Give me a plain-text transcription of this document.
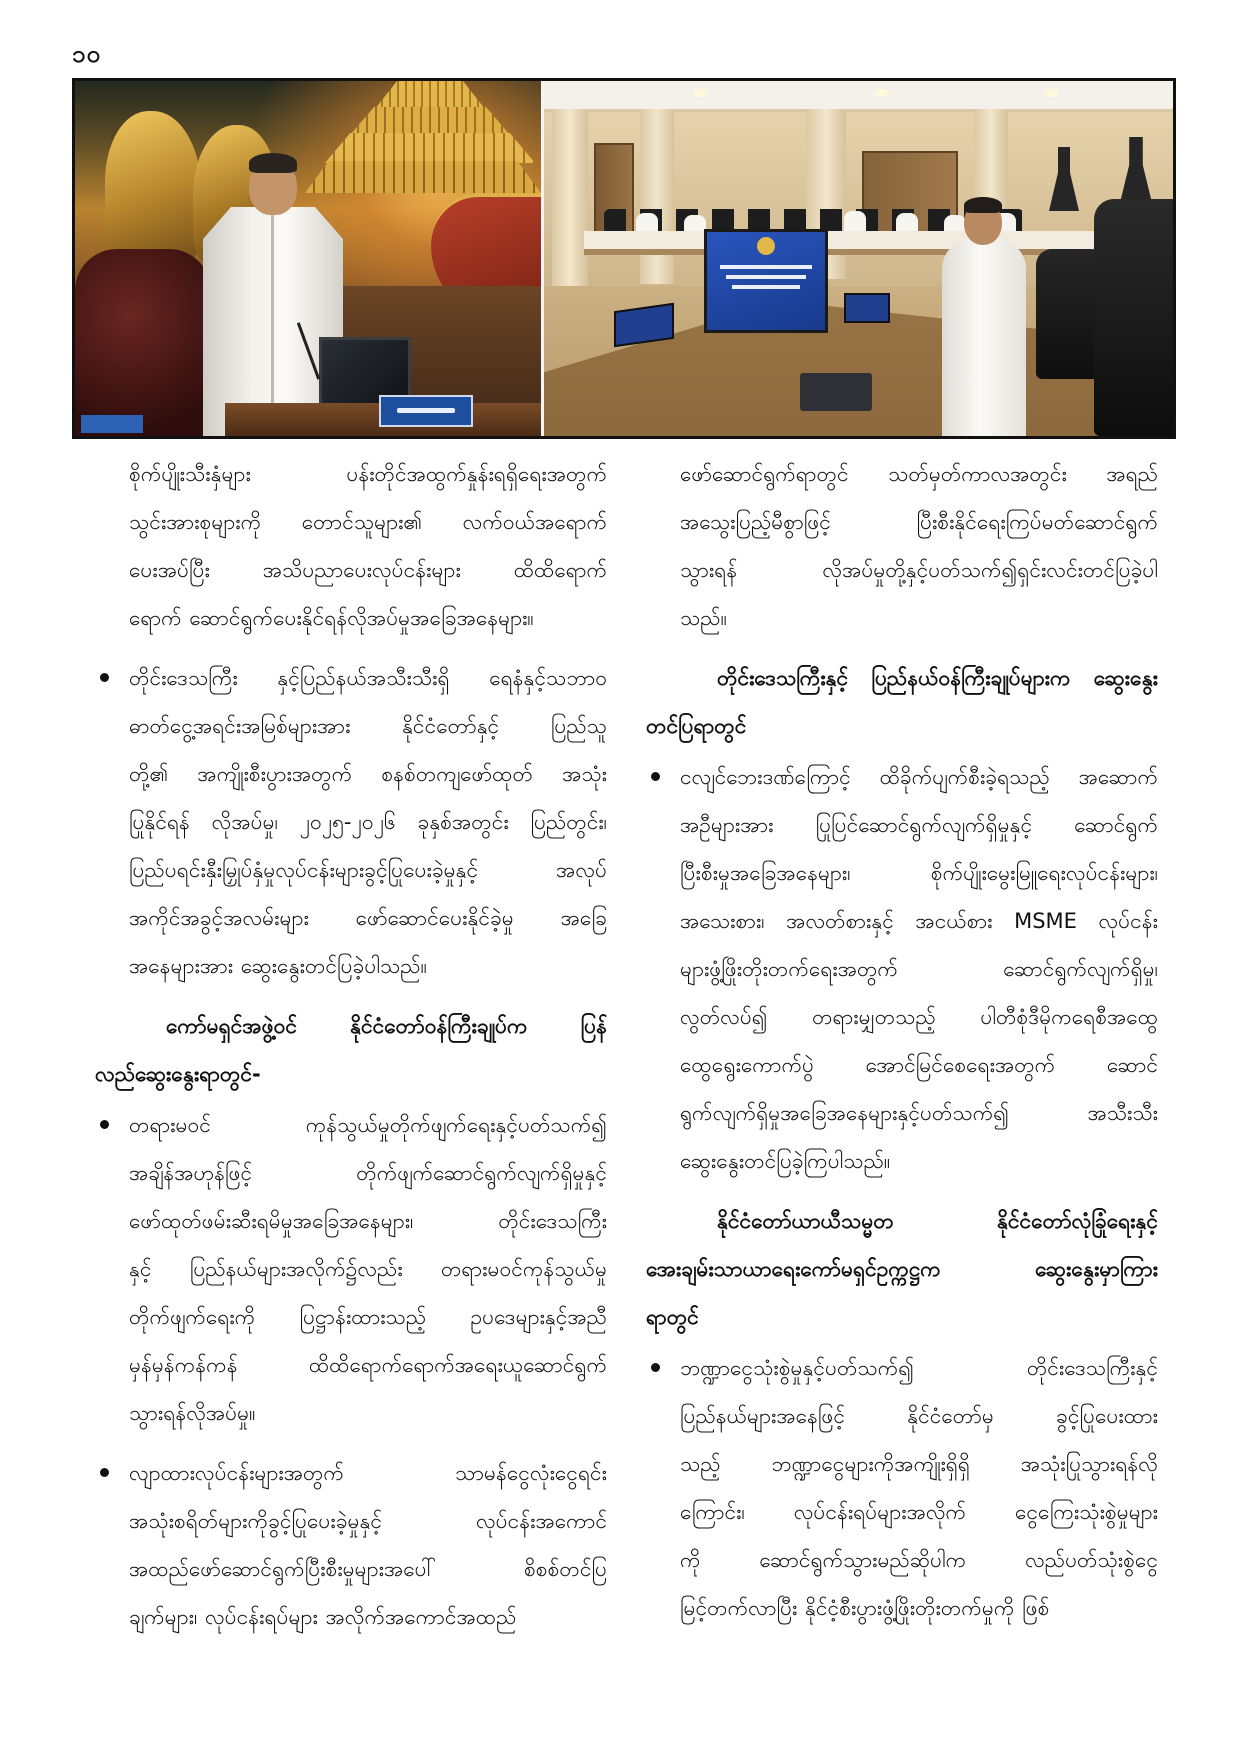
၁၀
စိုက်ပျိုးသီးနှံများ ပန်းတိုင်အထွက်နှုန်းရရှိရေးအတွက်
သွင်းအားစုများကို တောင်သူများ၏ လက်ဝယ်အရောက်
ပေးအပ်ပြီး အသိပညာပေးလုပ်ငန်းများ ထိထိရောက်
ရောက် ဆောင်ရွက်ပေးနိုင်ရန်လိုအပ်မှုအခြေအနေများ။
တိုင်းဒေသကြီး နှင့်ပြည်နယ်အသီးသီးရှိ ရေနံနှင့်သဘာဝ
ဓာတ်ငွေ့အရင်းအမြစ်များအား နိုင်ငံတော်နှင့် ပြည်သူ
တို့၏ အကျိုးစီးပွားအတွက် စနစ်တကျဖော်ထုတ် အသုံး
ပြုနိုင်ရန် လိုအပ်မှု၊ ၂၀၂၅-၂၀၂၆ ခုနှစ်အတွင်း ပြည်တွင်း၊
ပြည်ပရင်းနှီးမြှုပ်နှံမှုလုပ်ငန်းများခွင့်ပြုပေးခဲ့မှုနှင့် အလုပ်
အကိုင်အခွင့်အလမ်းများ ဖော်ဆောင်ပေးနိုင်ခဲ့မှု အခြေ
အနေများအား ဆွေးနွေးတင်ပြခဲ့ပါသည်။
ကော်မရှင်အဖွဲ့ဝင် နိုင်ငံတော်ဝန်ကြီးချုပ်က ပြန်
လည်ဆွေးနွေးရာတွင်-
တရားမဝင် ကုန်သွယ်မှုတိုက်ဖျက်ရေးနှင့်ပတ်သက်၍
အချိန်အဟုန်ဖြင့် တိုက်ဖျက်ဆောင်ရွက်လျက်ရှိမှုနှင့်
ဖော်ထုတ်ဖမ်းဆီးရမိမှုအခြေအနေများ၊ တိုင်းဒေသကြီး
နှင့် ပြည်နယ်များအလိုက်၌လည်း တရားမဝင်ကုန်သွယ်မှု
တိုက်ဖျက်ရေးကို ပြဋ္ဌာန်းထားသည့် ဥပဒေများနှင့်အညီ
မှန်မှန်ကန်ကန် ထိထိရောက်ရောက်အရေးယူဆောင်ရွက်
သွားရန်လိုအပ်မှု။
လျာထားလုပ်ငန်းများအတွက် သာမန်ငွေလုံးငွေရင်း
အသုံးစရိတ်များကိုခွင့်ပြုပေးခဲ့မှုနှင့် လုပ်ငန်းအကောင်
အထည်ဖော်ဆောင်ရွက်ပြီးစီးမှုများအပေါ် စိစစ်တင်ပြ
ချက်များ၊ လုပ်ငန်းရပ်များ အလိုက်အကောင်အထည်
ဖော်ဆောင်ရွက်ရာတွင် သတ်မှတ်ကာလအတွင်း အရည်
အသွေးပြည့်မီစွာဖြင့် ပြီးစီးနိုင်ရေးကြပ်မတ်ဆောင်ရွက်
သွားရန် လိုအပ်မှုတို့နှင့်ပတ်သက်၍ရှင်းလင်းတင်ပြခဲ့ပါ
သည်။
တိုင်းဒေသကြီးနှင့် ပြည်နယ်ဝန်ကြီးချုပ်များက ဆွေးနွေး
တင်ပြရာတွင်
ငလျင်ဘေးဒဏ်ကြောင့် ထိခိုက်ပျက်စီးခဲ့ရသည့် အဆောက်
အဦများအား ပြုပြင်ဆောင်ရွက်လျက်ရှိမှုနှင့် ဆောင်ရွက်
ပြီးစီးမှုအခြေအနေများ၊ စိုက်ပျိုးမွေးမြူရေးလုပ်ငန်းများ၊
အသေးစား၊ အလတ်စားနှင့် အငယ်စား MSME လုပ်ငန်း
များဖွံ့ဖြိုးတိုးတက်ရေးအတွက် ဆောင်ရွက်လျက်ရှိမှု၊
လွတ်လပ်၍ တရားမျှတသည့် ပါတီစုံဒီမိုကရေစီအထွေ
ထွေရွေးကောက်ပွဲ အောင်မြင်စေရေးအတွက် ဆောင်
ရွက်လျက်ရှိမှုအခြေအနေများနှင့်ပတ်သက်၍ အသီးသီး
ဆွေးနွေးတင်ပြခဲ့ကြပါသည်။
နိုင်ငံတော်ယာယီသမ္မတ နိုင်ငံတော်လုံခြုံရေးနှင့်
အေးချမ်းသာယာရေးကော်မရှင်ဥက္ကဋ္ဌက ဆွေးနွေးမှာကြား
ရာတွင်
ဘဏ္ဍာငွေသုံးစွဲမှုနှင့်ပတ်သက်၍ တိုင်းဒေသကြီးနှင့်
ပြည်နယ်များအနေဖြင့် နိုင်ငံတော်မှ ခွင့်ပြုပေးထား
သည့် ဘဏ္ဍာငွေများကိုအကျိုးရှိရှိ အသုံးပြုသွားရန်လို
ကြောင်း၊ လုပ်ငန်းရပ်များအလိုက် ငွေကြေးသုံးစွဲမှုများ
ကို ဆောင်ရွက်သွားမည်ဆိုပါက လည်ပတ်သုံးစွဲငွေ
မြင့်တက်လာပြီး နိုင်ငံ့စီးပွားဖွံ့ဖြိုးတိုးတက်မှုကို ဖြစ်
